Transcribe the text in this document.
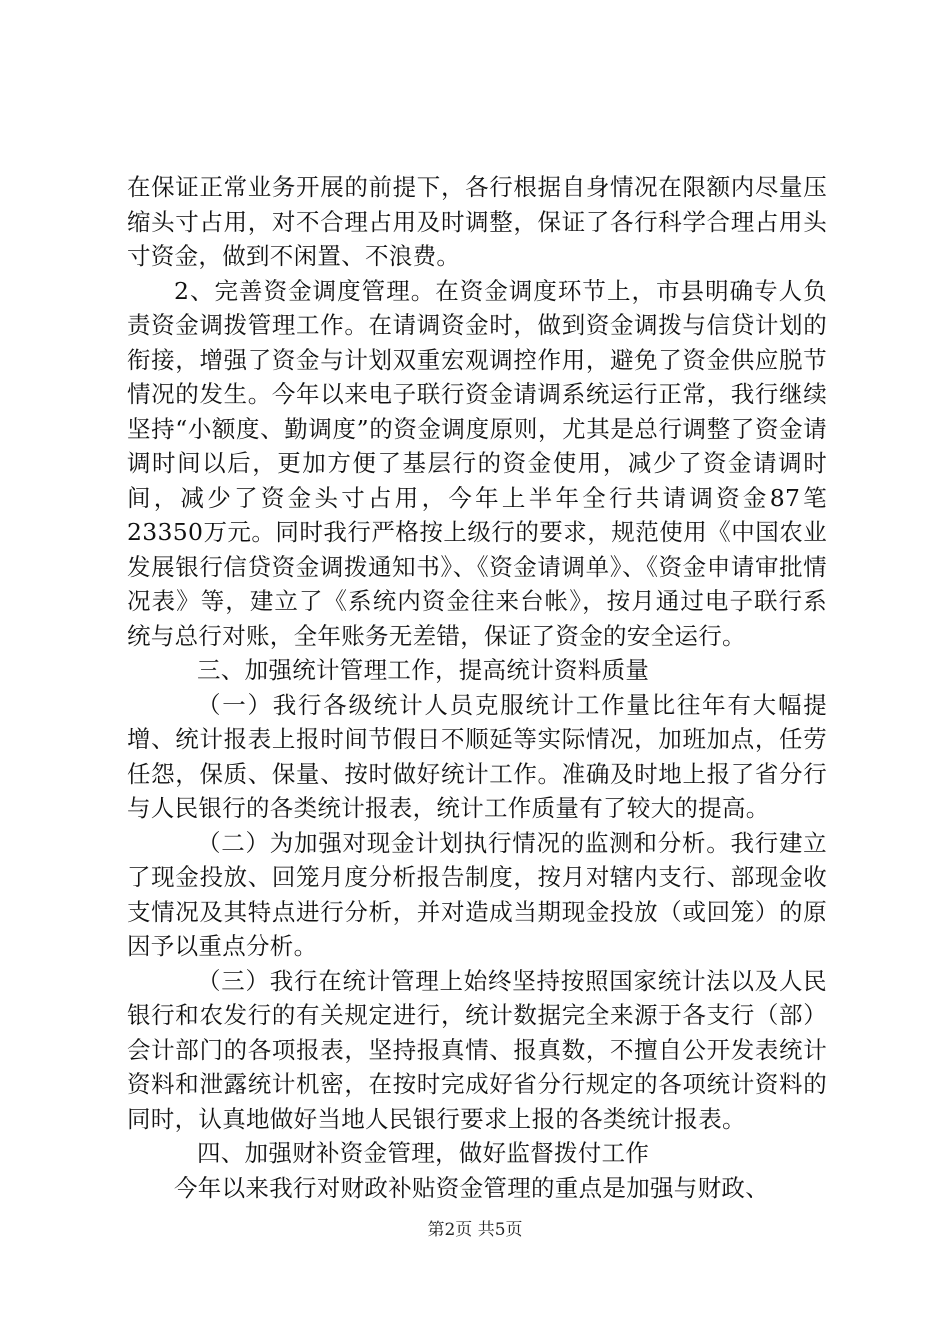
在保证正常业务开展的前提下，各行根据自身情况在限额内尽量压缩头寸占用，对不合理占用及时调整，保证了各行科学合理占用头寸资金，做到不闲置、不浪费。

2、完善资金调度管理。在资金调度环节上，市县明确专人负责资金调拨管理工作。在请调资金时，做到资金调拨与信贷计划的衔接，增强了资金与计划双重宏观调控作用，避免了资金供应脱节情况的发生。今年以来电子联行资金请调系统运行正常，我行继续坚持“小额度、勤调度”的资金调度原则，尤其是总行调整了资金请调时间以后，更加方便了基层行的资金使用，减少了资金请调时间，减少了资金头寸占用，今年上半年全行共请调资金87笔23350万元。同时我行严格按上级行的要求，规范使用《中国农业发展银行信贷资金调拨通知书》、《资金请调单》、《资金申请审批情况表》等，建立了《系统内资金往来台帐》，按月通过电子联行系统与总行对账，全年账务无差错，保证了资金的安全运行。

三、加强统计管理工作，提高统计资料质量

（一）我行各级统计人员克服统计工作量比往年有大幅提增、统计报表上报时间节假日不顺延等实际情况，加班加点，任劳任怨，保质、保量、按时做好统计工作。准确及时地上报了省分行与人民银行的各类统计报表，统计工作质量有了较大的提高。

（二）为加强对现金计划执行情况的监测和分析。我行建立了现金投放、回笼月度分析报告制度，按月对辖内支行、部现金收支情况及其特点进行分析，并对造成当期现金投放（或回笼）的原因予以重点分析。

（三）我行在统计管理上始终坚持按照国家统计法以及人民银行和农发行的有关规定进行，统计数据完全来源于各支行（部）会计部门的各项报表，坚持报真情、报真数，不擅自公开发表统计资料和泄露统计机密，在按时完成好省分行规定的各项统计资料的同时，认真地做好当地人民银行要求上报的各类统计报表。

四、加强财补资金管理，做好监督拨付工作

今年以来我行对财政补贴资金管理的重点是加强与财政、

第2页 共5页
